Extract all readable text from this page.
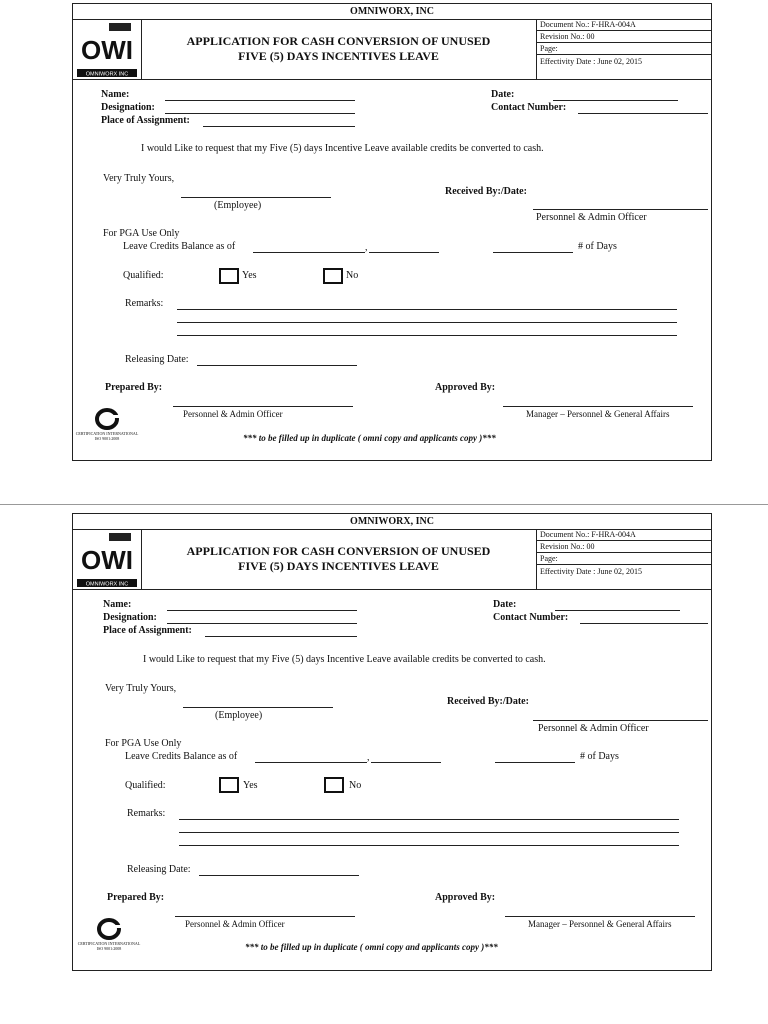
OMNIWORX, INC
OWI
OMNIWORX INC
APPLICATION FOR CASH CONVERSION OF UNUSED
FIVE (5) DAYS INCENTIVES LEAVE
Document No.: F-HRA-004A
Revision No.: 00
Page:
Effectivity Date : June 02, 2015
Name:
Designation:
Place of Assignment:
Date:
Contact Number:
I would Like to request that my Five (5) days Incentive Leave available credits be converted to cash.
Very Truly Yours,
(Employee)
Received By:/Date:
Personnel & Admin Officer
For PGA Use Only
Leave Credits Balance as of	,	# of Days
Qualified:	Yes	No
Remarks:
Releasing Date:
Prepared By:	Approved By:
Personnel & Admin Officer	Manager – Personnel & General Affairs
CERTIFICATION INTERNATIONAL ISO 9001:2008	*** to be filled up in duplicate ( omni copy and applicants copy )***
OMNIWORX, INC
OWI
OMNIWORX INC
APPLICATION FOR CASH CONVERSION OF UNUSED
FIVE (5) DAYS INCENTIVES LEAVE
Document No.: F-HRA-004A
Revision No.: 00
Page:
Effectivity Date : June 02, 2015
Name:
Designation:
Place of Assignment:
Date:
Contact Number:
I would Like to request that my Five (5) days Incentive Leave available credits be converted to cash.
Very Truly Yours,
(Employee)
Received By:/Date:
Personnel & Admin Officer
For PGA Use Only
Leave Credits Balance as of	,	# of Days
Qualified:	Yes	No
Remarks:
Releasing Date:
Prepared By:	Approved By:
Personnel & Admin Officer	Manager – Personnel & General Affairs
CERTIFICATION INTERNATIONAL ISO 9001:2008	*** to be filled up in duplicate ( omni copy and applicants copy )***
